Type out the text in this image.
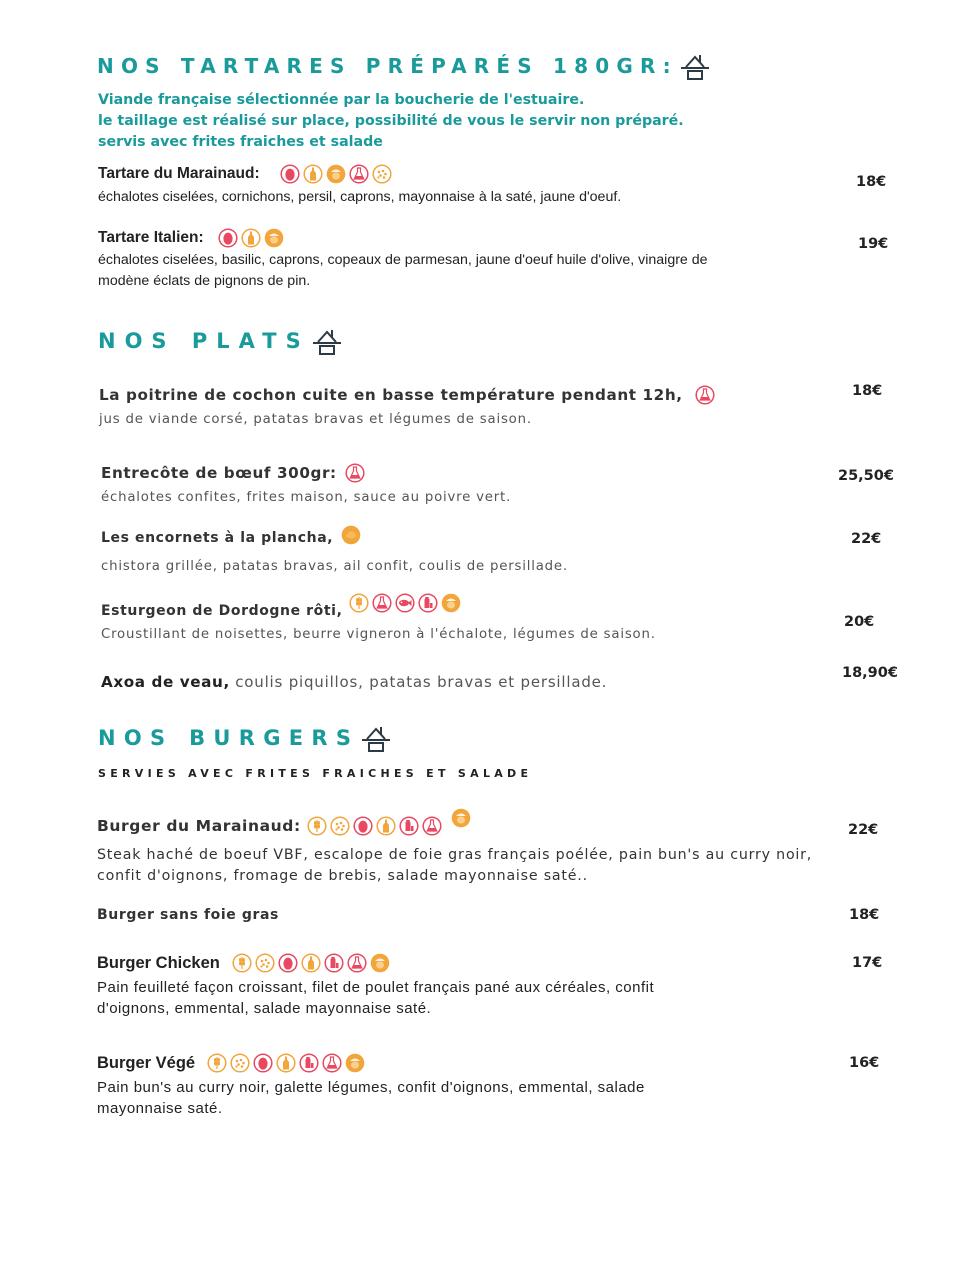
NOS TARTARES PRÉPARÉS 180GR:
Viande française sélectionnée par la boucherie de l'estuaire.
le taillage est réalisé sur place, possibilité de vous le servir non préparé.
servis avec frites fraiches et salade
Tartare du Marainaud:
échalotes ciselées, cornichons, persil, caprons, mayonnaise à la saté, jaune d'oeuf.
18€
Tartare Italien:
échalotes ciselées, basilic, caprons, copeaux de parmesan, jaune d'oeuf huile d'olive, vinaigre de
modène éclats de pignons de pin.
19€
NOS PLATS
La poitrine de cochon cuite en basse température pendant 12h,
jus de viande corsé, patatas bravas et légumes de saison.
18€
Entrecôte de bœuf 300gr:
échalotes confites, frites maison, sauce au poivre vert.
25,50€
Les encornets à la plancha,
chistora grillée, patatas bravas, ail confit, coulis de persillade.
22€
Esturgeon de Dordogne rôti,
Croustillant de noisettes, beurre vigneron à l'échalote, légumes de saison.
20€
Axoa de veau, coulis piquillos, patatas bravas et persillade.	18,90€
NOS BURGERS
SERVIES AVEC FRITES FRAICHES ET SALADE
Burger du Marainaud:
Steak haché de boeuf VBF, escalope de foie gras français poélée, pain bun's au curry noir,
confit d'oignons, fromage de brebis, salade mayonnaise saté..
22€
Burger sans foie gras	18€
Burger Chicken
Pain feuilleté façon croissant, filet de poulet français pané aux céréales, confit
d'oignons, emmental, salade mayonnaise saté.
17€
Burger Végé
Pain bun's au curry noir, galette légumes, confit d'oignons, emmental, salade
mayonnaise saté.
16€
